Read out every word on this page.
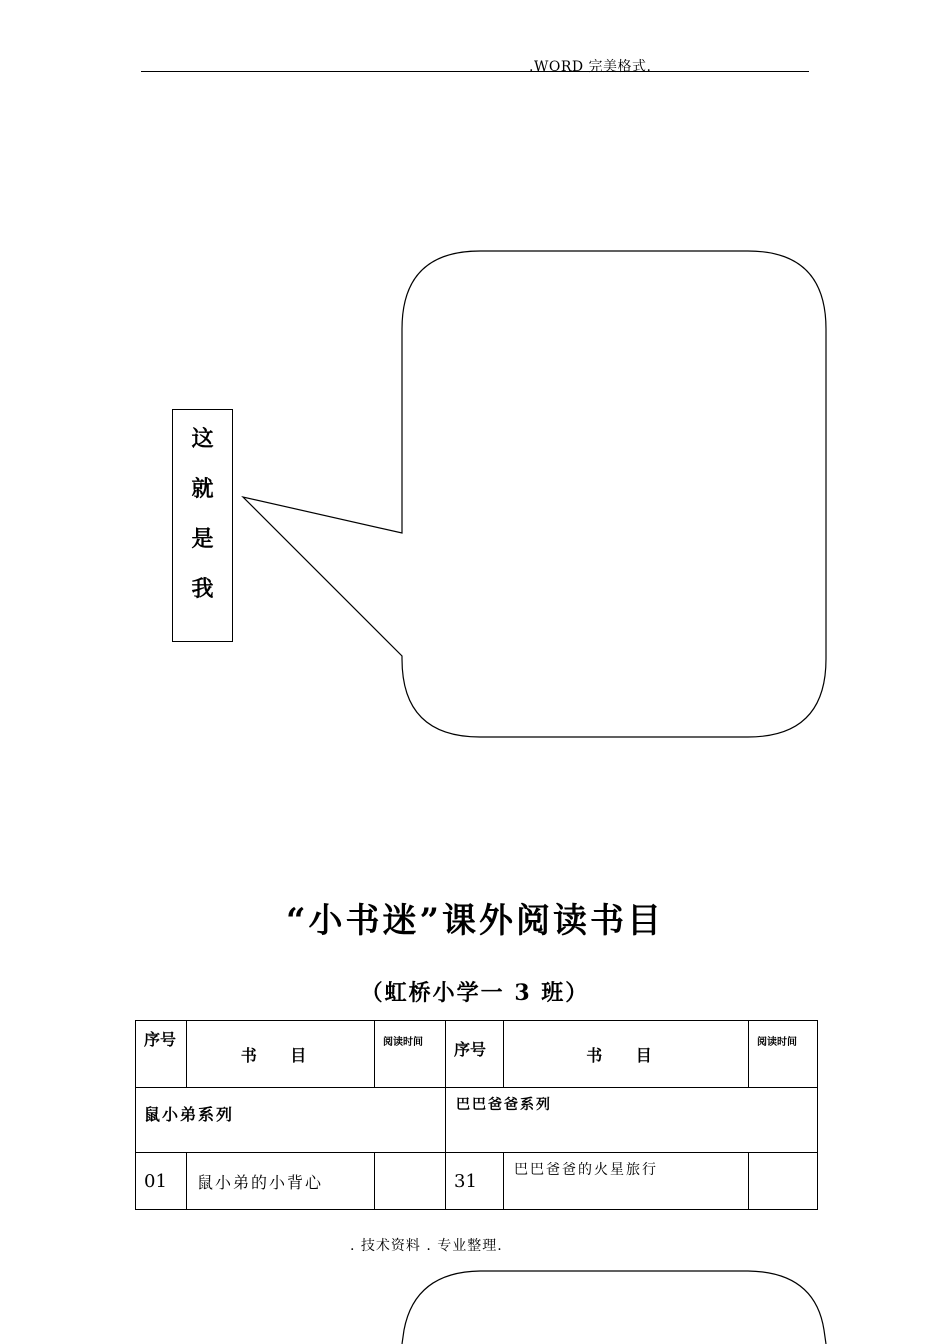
.WORD 完美格式.
这
就
是
我
“小书迷”课外阅读书目
（虹桥小学一 3 班）
序号	书 目	阅读时间	序号	书 目	阅读时间
鼠小弟系列			巴巴爸爸系列		
01	鼠小弟的小背心		31	巴巴爸爸的火星旅行	
. 技术资料 . 专业整理.
